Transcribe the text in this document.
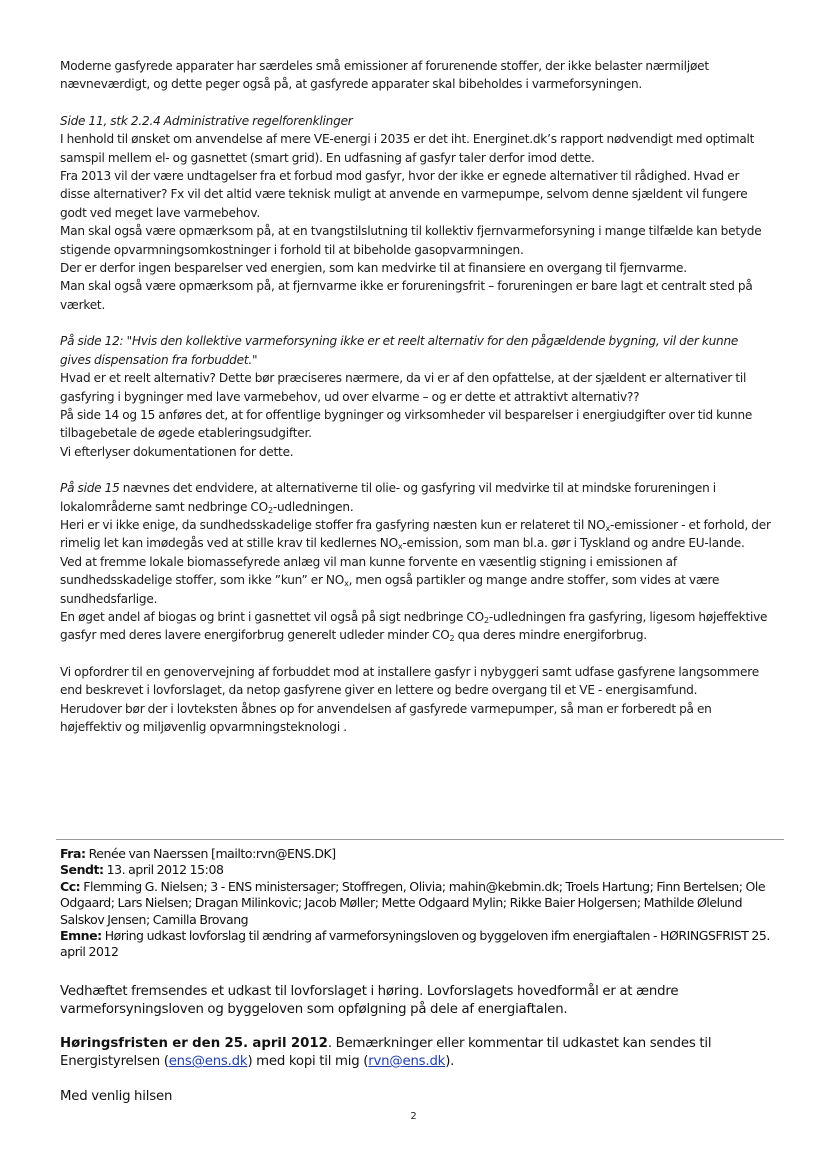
Moderne gasfyrede apparater har særdeles små emissioner af forurenende stoffer, der ikke belaster nærmiljøet nævneværdigt, og dette peger også på, at gasfyrede apparater skal bibeholdes i varmeforsyningen.

Side 11, stk 2.2.4 Administrative regelforenklinger

I henhold til ønsket om anvendelse af mere VE-energi i 2035 er det iht. Energinet.dk’s rapport nødvendigt med optimalt samspil mellem el- og gasnettet (smart grid). En udfasning af gasfyr taler derfor imod dette.

Fra 2013 vil der være undtagelser fra et forbud mod gasfyr, hvor der ikke er egnede alternativer til rådighed. Hvad er disse alternativer? Fx vil det altid være teknisk muligt at anvende en varmepumpe, selvom denne sjældent vil fungere godt ved meget lave varmebehov.

Man skal også være opmærksom på, at en tvangstilslutning til kollektiv fjernvarmeforsyning i mange tilfælde kan betyde stigende opvarmningsomkostninger i forhold til at bibeholde gasopvarmningen.

Der er derfor ingen besparelser ved energien, som kan medvirke til at finansiere en overgang til fjernvarme.

Man skal også være opmærksom på, at fjernvarme ikke er forureningsfrit – forureningen er bare lagt et centralt sted på værket.

På side 12: "Hvis den kollektive varmeforsyning ikke er et reelt alternativ for den pågældende bygning, vil der kunne gives dispensation fra forbuddet."

Hvad er et reelt alternativ? Dette bør præciseres nærmere, da vi er af den opfattelse, at der sjældent er alternativer til gasfyring i bygninger med lave varmebehov, ud over elvarme – og er dette et attraktivt alternativ??

På side 14 og 15 anføres det, at for offentlige bygninger og virksomheder vil besparelser i energiudgifter over tid kunne tilbagebetale de øgede etableringsudgifter.

Vi efterlyser dokumentationen for dette.

På side 15 nævnes det endvidere, at alternativerne til olie- og gasfyring vil medvirke til at mindske forureningen i lokalområderne samt nedbringe $CO_2$-udledningen.

Heri er vi ikke enige, da sundhedsskadelige stoffer fra gasfyring næsten kun er relateret til $NO_x$-emissioner - et forhold, der rimelig let kan imødegås ved at stille krav til kedlernes $NO_x$-emission, som man bl.a. gør i Tyskland og andre EU-lande.

Ved at fremme lokale biomassefyrede anlæg vil man kunne forvente en væsentlig stigning i emissionen af sundhedsskadelige stoffer, som ikke ”kun” er $NO_x$, men også partikler og mange andre stoffer, som vides at være sundhedsfarlige.

En øget andel af biogas og brint i gasnettet vil også på sigt nedbringe $CO_2$-udledningen fra gasfyring, ligesom højeffektive gasfyr med deres lavere energiforbrug generelt udleder minder $CO_2$ qua deres mindre energiforbrug.

Vi opfordrer til en genovervejning af forbuddet mod at installere gasfyr i nybyggeri samt udfase gasfyrene langsommere end beskrevet i lovforslaget, da netop gasfyrene giver en lettere og bedre overgang til et VE - energisamfund.

Herudover bør der i lovteksten åbnes op for anvendelsen af gasfyrede varmepumper, så man er forberedt på en højeffektiv og miljøvenlig opvarmningsteknologi .

Fra: Renée van Naerssen [mailto:rvn@ENS.DK]

Sendt: 13. april 2012 15:08

Cc: Flemming G. Nielsen; 3 - ENS ministersager; Stoffregen, Olivia; mahin@kebmin.dk; Troels Hartung; Finn Bertelsen; Ole Odgaard; Lars Nielsen; Dragan Milinkovic; Jacob Møller; Mette Odgaard Mylin; Rikke Baier Holgersen; Mathilde Ølelund Salskov Jensen; Camilla Brovang

Emne: Høring udkast lovforslag til ændring af varmeforsyningsloven og byggeloven ifm energiaftalen - HØRINGSFRIST 25. april 2012

Vedhæftet fremsendes et udkast til lovforslaget i høring. Lovforslagets hovedformål er at ændre varmeforsyningsloven og byggeloven som opfølgning på dele af energiaftalen.

Høringsfristen er den 25. april 2012. Bemærkninger eller kommentar til udkastet kan sendes til Energistyrelsen (ens@ens.dk) med kopi til mig (rvn@ens.dk).

Med venlig hilsen

2
